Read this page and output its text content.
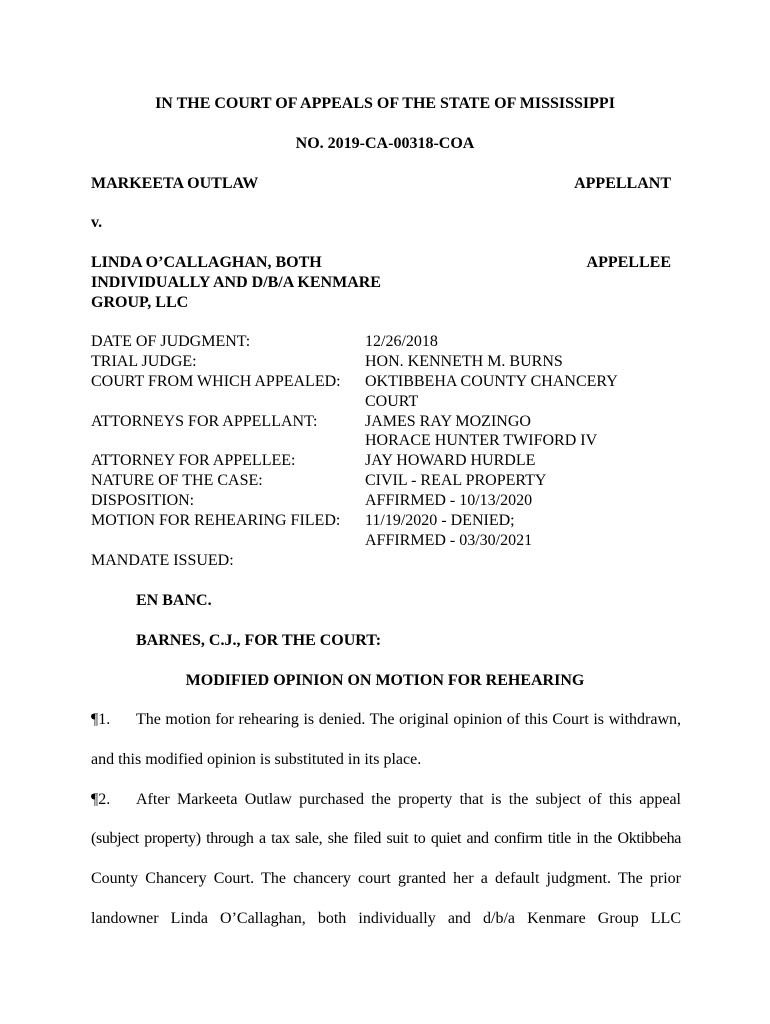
IN THE COURT OF APPEALS OF THE STATE OF MISSISSIPPI
NO. 2019-CA-00318-COA
MARKEETA OUTLAW	APPELLANT
v.
LINDA O’CALLAGHAN, BOTH
INDIVIDUALLY AND D/B/A KENMARE
GROUP, LLC
APPELLEE
DATE OF JUDGMENT:
TRIAL JUDGE:
COURT FROM WHICH APPEALED:
ATTORNEYS FOR APPELLANT:
ATTORNEY FOR APPELLEE:
NATURE OF THE CASE:
DISPOSITION:
MOTION FOR REHEARING FILED:
MANDATE ISSUED:
12/26/2018
HON. KENNETH M. BURNS
OKTIBBEHA COUNTY CHANCERY
COURT
JAMES RAY MOZINGO
HORACE HUNTER TWIFORD IV
JAY HOWARD HURDLE
CIVIL - REAL PROPERTY
AFFIRMED - 10/13/2020
11/19/2020 - DENIED;
AFFIRMED - 03/30/2021
EN BANC.
BARNES, C.J., FOR THE COURT:
MODIFIED OPINION ON MOTION FOR REHEARING
¶1. The motion for rehearing is denied. The original opinion of this Court is withdrawn,
and this modified opinion is substituted in its place.
¶2. After Markeeta Outlaw purchased the property that is the subject of this appeal
(subject property) through a tax sale, she filed suit to quiet and confirm title in the Oktibbeha
County Chancery Court. The chancery court granted her a default judgment. The prior
landowner Linda O’Callaghan, both individually and d/b/a Kenmare Group LLC
